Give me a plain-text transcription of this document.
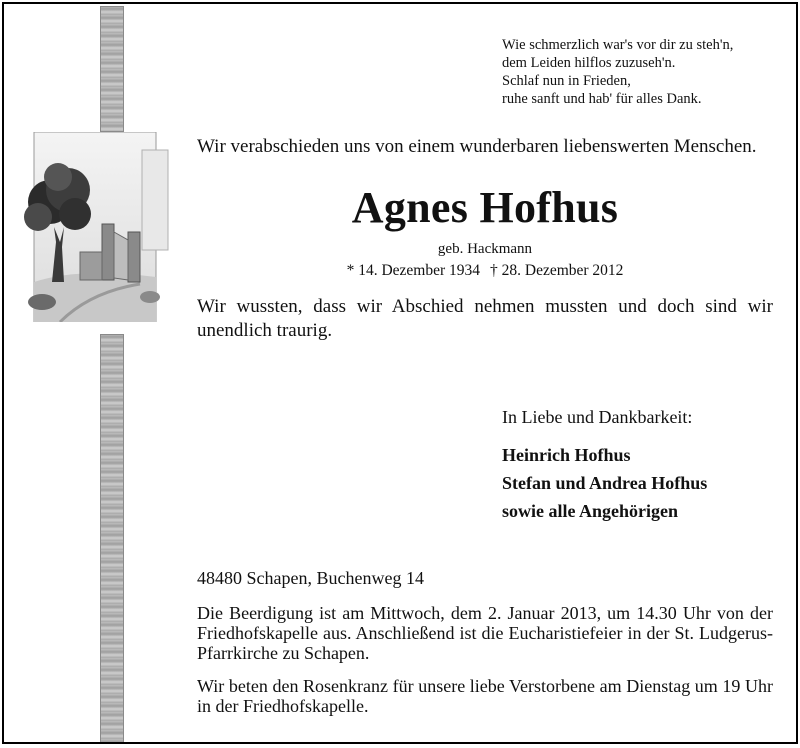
Wie schmerzlich war's vor dir zu steh'n,
dem Leiden hilflos zuzuseh'n.
Schlaf nun in Frieden,
ruhe sanft und hab' für alles Dank.
Wir verabschieden uns von einem wunderbaren liebenswerten Menschen.
Agnes Hofhus
geb. Hackmann
* 14. Dezember 1934 † 28. Dezember 2012
Wir wussten, dass wir Abschied nehmen mussten und doch sind wir unendlich traurig.
In Liebe und Dankbarkeit:
Heinrich Hofhus
Stefan und Andrea Hofhus
sowie alle Angehörigen
48480 Schapen, Buchenweg 14
Die Beerdigung ist am Mittwoch, dem 2. Januar 2013, um 14.30 Uhr von der Friedhofskapelle aus. Anschließend ist die Eucharistiefeier in der St. Ludgerus-Pfarrkirche zu Schapen.
Wir beten den Rosenkranz für unsere liebe Verstorbene am Dienstag um 19 Uhr in der Friedhofskapelle.
